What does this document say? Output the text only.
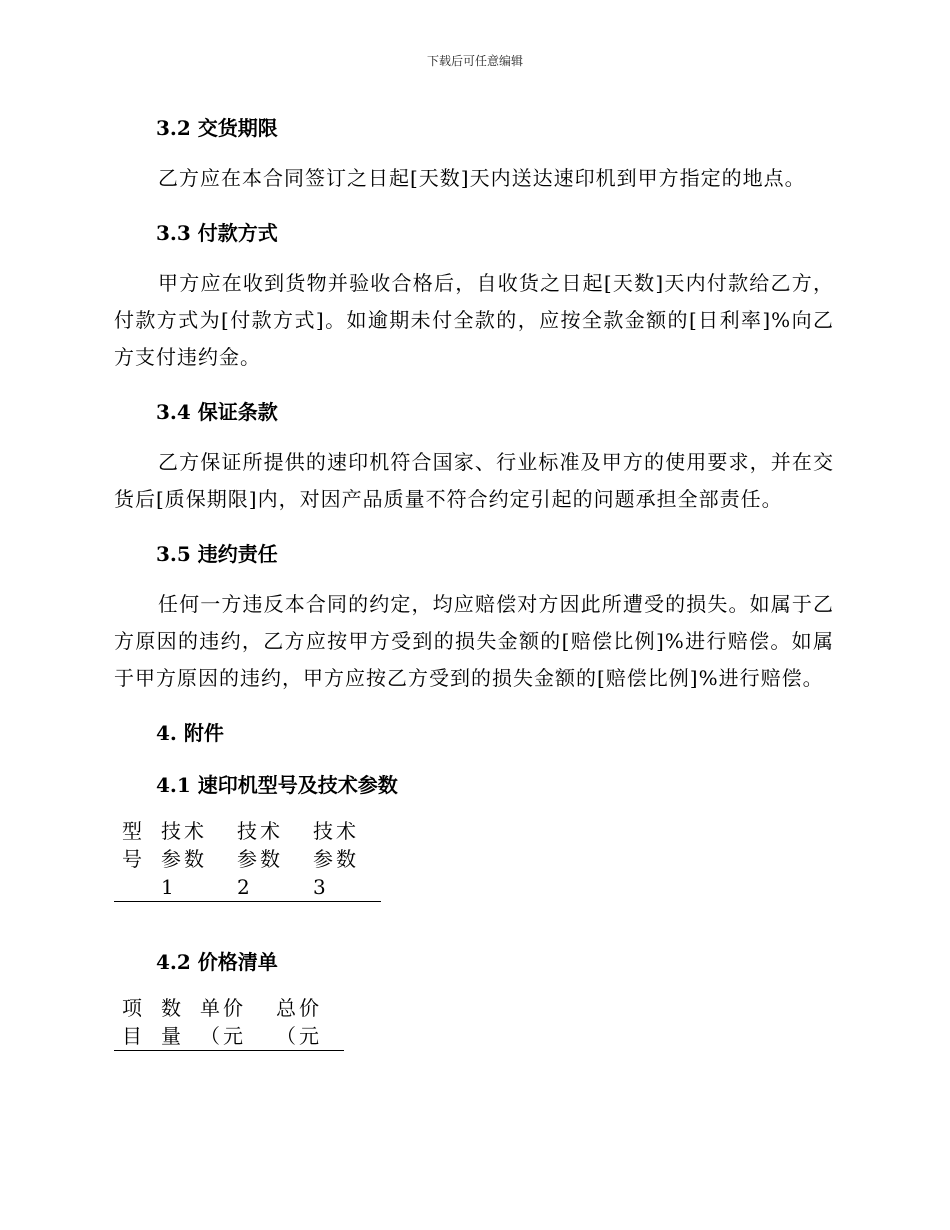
下载后可任意编辑
3.2 交货期限

乙方应在本合同签订之日起[天数]天内送达速印机到甲方指定的地点。

3.3 付款方式

甲方应在收到货物并验收合格后，自收货之日起[天数]天内付款给乙方，付款方式为[付款方式]。如逾期未付全款的，应按全款金额的[日利率]%向乙方支付违约金。

3.4 保证条款

乙方保证所提供的速印机符合国家、行业标准及甲方的使用要求，并在交货后[质保期限]内，对因产品质量不符合约定引起的问题承担全部责任。

3.5 违约责任

任何一方违反本合同的约定，均应赔偿对方因此所遭受的损失。如属于乙方原因的违约，乙方应按甲方受到的损失金额的[赔偿比例]%进行赔偿。如属于甲方原因的违约，甲方应按乙方受到的损失金额的[赔偿比例]%进行赔偿。

4. 附件
4.1 速印机型号及技术参数
型	技术	技术	技术
号	参数1	参数2	参数3
4.2 价格清单
项	数	单价	总价
目	量	（元	（元
